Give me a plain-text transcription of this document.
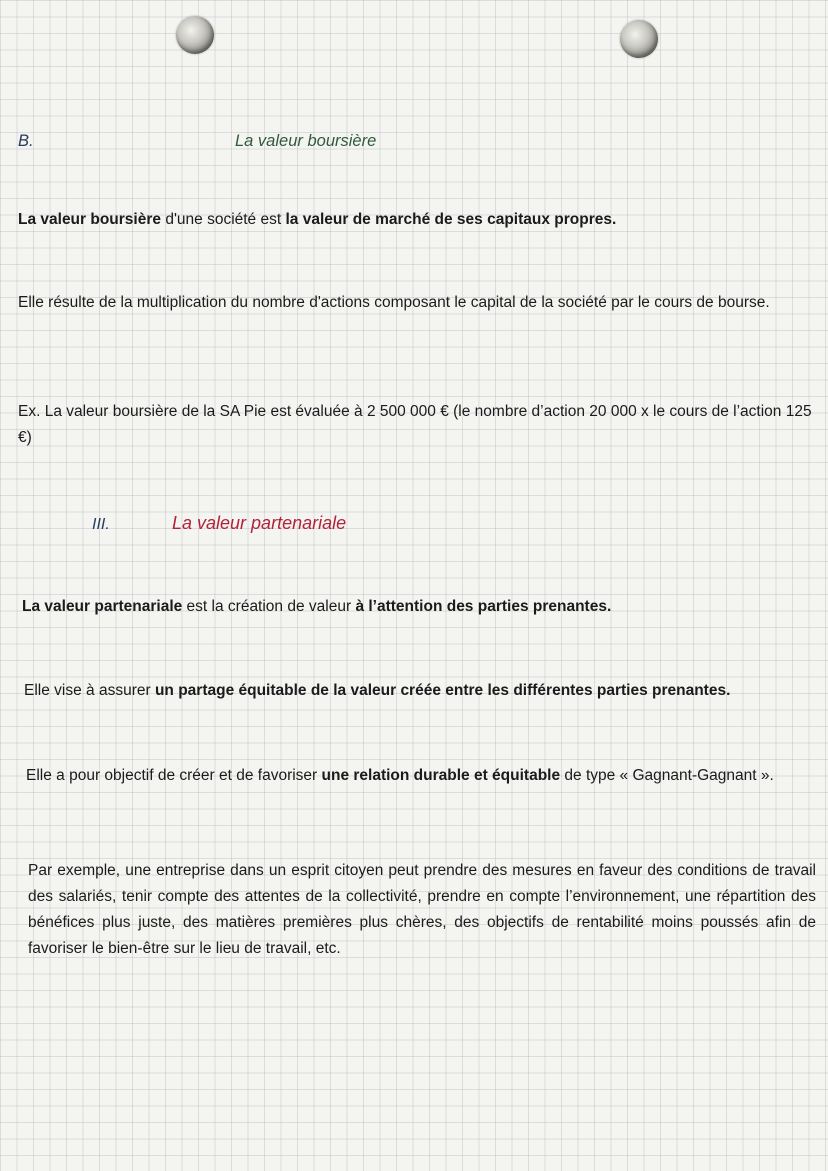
B.	La valeur boursière
La valeur boursière d'une société est la valeur de marché de ses capitaux propres.
Elle résulte de la multiplication du nombre d'actions composant le capital de la société par le cours de bourse.
Ex. La valeur boursière de la SA Pie est évaluée à 2 500 000 € (le nombre d’action 20 000 x le cours de l’action 125 €)
III.	La valeur partenariale
La valeur partenariale est la création de valeur à l’attention des parties prenantes.
Elle vise à assurer un partage équitable de la valeur créée entre les différentes parties prenantes.
Elle a pour objectif de créer et de favoriser une relation durable et équitable de type « Gagnant-Gagnant ».
Par exemple, une entreprise dans un esprit citoyen peut prendre des mesures en faveur des conditions de travail des salariés, tenir compte des attentes de la collectivité, prendre en compte l’environnement, une répartition des bénéfices plus juste, des matières premières plus chères, des objectifs de rentabilité moins poussés afin de favoriser le bien-être sur le lieu de travail, etc.
